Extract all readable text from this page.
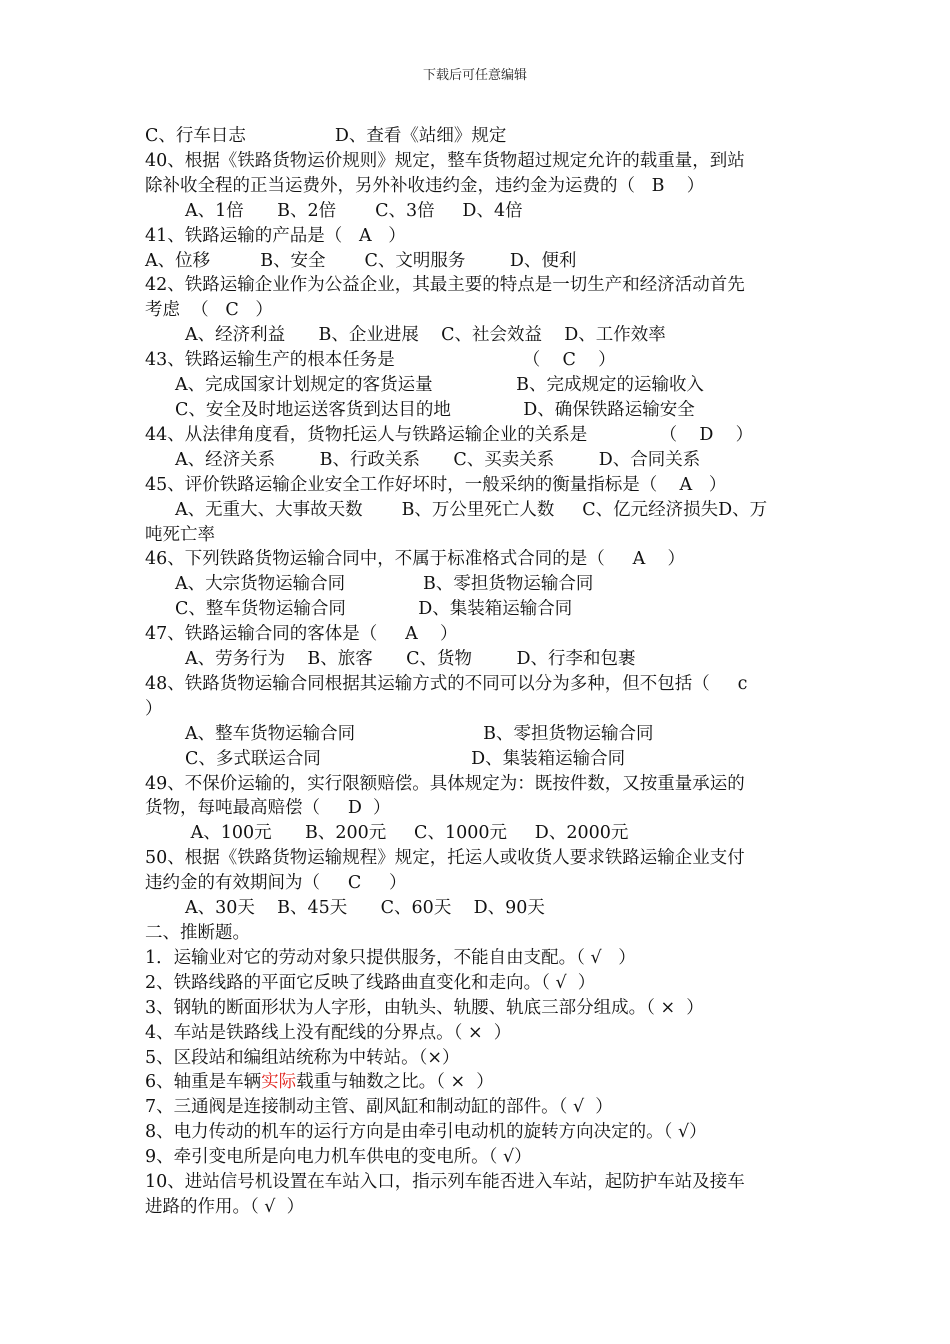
下载后可任意编辑
C、行车日志                D、查看《站细》规定
40、根据《铁路货物运价规则》规定，整车货物超过规定允许的载重量，到站
除补收全程的正当运费外，另外补收违约金，违约金为运费的（   B    ）
A、1倍      B、2倍       C、3倍     D、4倍
41、铁路运输的产品是（   A   ）
A、位移         B、安全       C、文明服务        D、便利
42、铁路运输企业作为公益企业，其最主要的特点是一切生产和经济活动首先
考虑  （   C   ）
A、经济利益      B、企业进展    C、社会效益    D、工作效率
43、铁路运输生产的根本任务是                       （    C    ）
A、完成国家计划规定的客货运量               B、完成规定的运输收入
C、安全及时地运送客货到达目的地             D、确保铁路运输安全
44、从法律角度看，货物托运人与铁路运输企业的关系是             （    D    ）
A、经济关系        B、行政关系      C、买卖关系        D、合同关系
45、评价铁路运输企业安全工作好坏时，一般采纳的衡量指标是（    A   ）
A、无重大、大事故天数       B、万公里死亡人数     C、亿元经济损失D、万
吨死亡率
46、下列铁路货物运输合同中，不属于标准格式合同的是（     A    ）
A、大宗货物运输合同              B、零担货物运输合同
C、整车货物运输合同             D、集装箱运输合同
47、铁路运输合同的客体是（     A    ）
A、劳务行为    B、旅客      C、货物        D、行李和包裹
48、铁路货物运输合同根据其运输方式的不同可以分为多种，但不包括（     c
）
A、整车货物运输合同                       B、零担货物运输合同
C、多式联运合同                           D、集装箱运输合同
49、不保价运输的，实行限额赔偿。具体规定为：既按件数，又按重量承运的
货物，每吨最高赔偿（     D  ）
A、100元      B、200元     C、1000元     D、2000元
50、根据《铁路货物运输规程》规定，托运人或收货人要求铁路运输企业支付
违约金的有效期间为（     C     ）
A、30天    B、45天      C、60天    D、90天
二、推断题。
1．运输业对它的劳动对象只提供服务，不能自由支配。（ √   ）
2、铁路线路的平面它反映了线路曲直变化和走向。（ √  ）
3、钢轨的断面形状为人字形，由轨头、轨腰、轨底三部分组成。（ ×  ）
4、车站是铁路线上没有配线的分界点。（ ×  ）
5、区段站和编组站统称为中转站。（×）
6、轴重是车辆实际载重与轴数之比。（ ×  ）
7、三通阀是连接制动主管、副风缸和制动缸的部件。（ √  ）
8、电力传动的机车的运行方向是由牵引电动机的旋转方向决定的。（ √）
9、牵引变电所是向电力机车供电的变电所。（ √）
10、进站信号机设置在车站入口，指示列车能否进入车站，起防护车站及接车
进路的作用。（ √  ）
